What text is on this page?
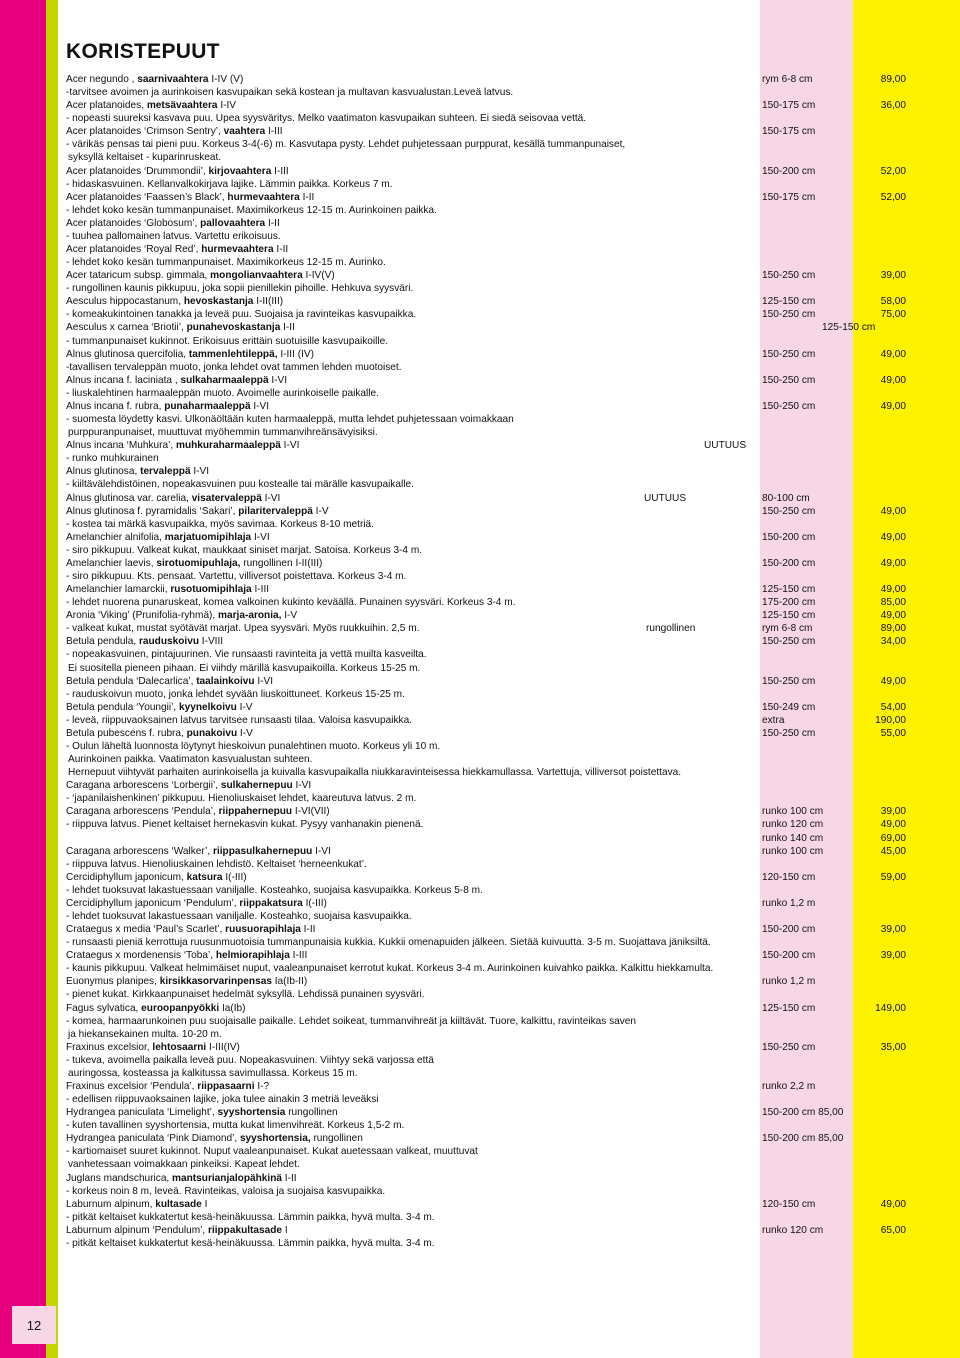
KORISTEPUUT
Acer negundo , saarnivaahtera I-IV (V)	rym 6-8 cm	89,00
-tarvitsee avoimen ja aurinkoisen kasvupaikan sekä kostean ja multavan kasvualustan.Leveä latvus.
Acer platanoides, metsävaahtera I-IV	150-175 cm	36,00
- nopeasti suureksi kasvava puu. Upea syysväritys. Melko vaatimaton kasvupaikan suhteen. Ei siedä seisovaa vettä.
Acer platanoides ‘Crimson Sentry’, vaahtera I-III	150-175 cm
- värikäs pensas tai pieni puu. Korkeus 3-4(-6) m. Kasvutapa pysty. Lehdet puhjetessaan purppurat, kesällä tummanpunaiset,
syksyllä keltaiset - kuparinruskeat.
Acer platanoides ‘Drummondii’, kirjovaahtera I-III	150-200 cm	52,00
- hidaskasvuinen. Kellanvalkokirjava lajike. Lämmin paikka. Korkeus 7 m.
Acer platanoides ‘Faassen’s Black’, hurmevaahtera I-II	150-175 cm	52,00
- lehdet koko kesän tummanpunaiset. Maximikorkeus 12-15 m. Aurinkoinen paikka.
Acer platanoides ‘Globosum’, pallovaahtera I-II
- tuuhea pallomainen latvus. Vartettu erikoisuus.
Acer platanoides ‘Royal Red’, hurmevaahtera I-II
- lehdet koko kesän tummanpunaiset. Maximikorkeus 12-15 m. Aurinko.
Acer tataricum subsp. gimmala, mongolianvaahtera I-IV(V)	150-250 cm	39,00
- rungollinen kaunis pikkupuu, joka sopii pienillekin pihoille. Hehkuva syysväri.
Aesculus hippocastanum, hevoskastanja I-II(III)	125-150 cm	58,00
- komeakukintoinen tanakka ja leveä puu. Suojaisa ja ravinteikas kasvupaikka.	150-250 cm	75,00
Aesculus x carnea ‘Briotii’, punahevoskastanja I-II	125-150 cm
- tummanpunaiset kukinnot. Erikoisuus erittäin suotuisille kasvupaikoille.
Alnus glutinosa quercifolia, tammenlehtileppä, I-III (IV)	150-250 cm	49,00
-tavallisen tervaleppän muoto, jonka lehdet ovat tammen lehden muotoiset.
Alnus incana f. laciniata , sulkaharmaaleppä I-VI	150-250 cm	49,00
- liuskalehtinen harmaaleppän muoto. Avoimelle aurinkoiselle paikalle.
Alnus incana f. rubra, punaharmaaleppä I-VI	150-250 cm	49,00
- suomesta löydetty kasvi. Ulkonäöltään kuten harmaaleppä, mutta lehdet puhjetessaan voimakkaan
purppuranpunaiset, muuttuvat myöhemmin tummanvihreänsävyisiksi.
Alnus incana ‘Muhkura’, muhkuraharmaaleppä I-VI	UUTUUS
- runko muhkurainen
Alnus glutinosa, tervaleppä I-VI
- kiiltävälehdistöinen, nopeakasvuinen puu kostealle tai märälle kasvupaikalle.
Alnus glutinosa var. carelia, visatervaleppä I-VI	UUTUUS	80-100 cm
Alnus glutinosa f. pyramidalis ‘Sakari’, pilaritervaleppä I-V	150-250 cm	49,00
- kostea tai märkä kasvupaikka, myös savimaa. Korkeus 8-10 metriä.
Amelanchier alnifolia, marjatuomipihlaja I-VI	150-200 cm	49,00
- siro pikkupuu. Valkeat kukat, maukkaat siniset marjat. Satoisa. Korkeus 3-4 m.
Amelanchier laevis, sirotuomipuhlaja, rungollinen I-II(III)	150-200 cm	49,00
- siro pikkupuu. Kts. pensaat. Vartettu, villiversot poistettava. Korkeus 3-4 m.
Amelanchier lamarckii, rusotuomipihlaja I-III	125-150 cm	49,00
- lehdet nuorena punaruskeat, komea valkoinen kukinto keväällä. Punainen syysväri. Korkeus 3-4 m.	175-200 cm	85,00
Aronia ‘Viking’ (Prunifolia-ryhmä), marja-aronia, I-V	125-150 cm	49,00
- valkeat kukat, mustat syötävät marjat. Upea syysväri. Myös ruukkuihin. 2,5 m.	rungollinen	rym 6-8 cm	89,00
Betula pendula, rauduskoivu I-VIII	150-250 cm	34,00
- nopeakasvuinen, pintajuurinen. Vie runsaasti ravinteita ja vettä muilta kasveilta.
Ei suositella pieneen pihaan. Ei viihdy märillä kasvupaikoilla. Korkeus 15-25 m.
Betula pendula ‘Dalecarlica’, taalainkoivu I-VI	150-250 cm	49,00
- rauduskoivun muoto, jonka lehdet syvään liuskoittuneet. Korkeus 15-25 m.
Betula pendula ‘Youngii’, kyynelkoivu I-V	150-249 cm	54,00
- leveä, riippuvaoksainen latvus tarvitsee runsaasti tilaa. Valoisa kasvupaikka.	extra	190,00
Betula pubescens f. rubra, punakoivu I-V	150-250 cm	55,00
- Oulun läheltä luonnosta löytynyt hieskoivun punalehtinen muoto. Korkeus yli 10 m.
Aurinkoinen paikka. Vaatimaton kasvualustan suhteen.
Hernepuut viihtyvät parhaiten aurinkoisella ja kuivalla kasvupaikalla niukkaravinteisessa hiekkamullassa. Vartettuja, villiversot poistettava.
Caragana arborescens ‘Lorbergii’, sulkahernepuu I-VI
- ‘japanilaishenkinen’ pikkupuu. Hienoliuskaiset lehdet, kaareutuva latvus. 2 m.
Caragana arborescens ‘Pendula’, riippahernepuu I-VI(VII)	runko 100 cm	39,00
- riippuva latvus. Pienet keltaiset hernekasvin kukat. Pysyy vanhanakin pienenä.	runko 120 cm	49,00
runko 140 cm	69,00
Caragana arborescens ‘Walker’, riippasulkahernepuu I-VI	runko 100 cm	45,00
- riippuva latvus. Hienoliuskainen lehdistö. Keltaiset ‘herneenkukat’.
Cercidiphyllum japonicum, katsura I(-III)	120-150 cm	59,00
- lehdet tuoksuvat lakastuessaan vaniljalle. Kosteahko, suojaisa kasvupaikka. Korkeus 5-8 m.
Cercidiphyllum japonicum ‘Pendulum’, riippakatsura I(-III)	runko 1,2 m
- lehdet tuoksuvat lakastuessaan vaniljalle. Kosteahko, suojaisa kasvupaikka.
Crataegus x media ‘Paul’s Scarlet’, ruusuorapihlaja I-II	150-200 cm	39,00
- runsaasti pieniä kerrottuja ruusunmuotoisia tummanpunaisia kukkia. Kukkii omenapuiden jälkeen. Sietää kuivuutta. 3-5 m. Suojattava jäniksiltä.
Crataegus x mordenensis ‘Toba’, helmiorapihlaja I-III	150-200 cm	39,00
- kaunis pikkupuu. Valkeat helmimäiset nuput, vaaleanpunaiset kerrotut kukat. Korkeus 3-4 m. Aurinkoinen kuivahko paikka. Kalkittu hiekkamulta.
Euonymus planipes, kirsikkasorvarinpensas Ia(Ib-II)	runko 1,2 m
- pienet kukat. Kirkkaanpunaiset hedelmät syksyllä. Lehdissä punainen syysväri.
Fagus sylvatica, euroopanpyökki Ia(Ib)	125-150 cm	149,00
- komea, harmaarunkoinen puu suojaisalle paikalle. Lehdet soikeat, tummanvihreät ja kiiltävät. Tuore, kalkittu, ravinteikas saven
ja hiekansekainen multa. 10-20 m.
Fraxinus excelsior, lehtosaarni I-III(IV)	150-250 cm	35,00
- tukeva, avoimella paikalla leveä puu. Nopeakasvuinen. Viihtyy sekä varjossa että
auringossa, kosteassa ja kalkitussa savimullassa. Korkeus 15 m.
Fraxinus excelsior ‘Pendula’, riippasaarni I-?	runko 2,2 m
- edellisen riippuvaoksainen lajike, joka tulee ainakin 3 metriä leveäksi
Hydrangea paniculata ‘Limelight’, syyshortensia rungollinen	150-200 cm 85,00
- kuten tavallinen syyshortensia, mutta kukat limenvihreät. Korkeus 1,5-2 m.
Hydrangea paniculata ‘Pink Diamond’, syyshortensia, rungollinen	150-200 cm 85,00
- kartiomaiset suuret kukinnot. Nuput vaaleanpunaiset. Kukat auetessaan valkeat, muuttuvat
vanhetessaan voimakkaan pinkeiksi. Kapeat lehdet.
Juglans mandschurica, mantsurianjalopähkinä I-II
- korkeus noin 8 m, leveä. Ravinteikas, valoisa ja suojaisa kasvupaikka.
Laburnum alpinum, kultasade I	120-150 cm	49,00
- pitkät keltaiset kukkatertut kesä-heinäkuussa. Lämmin paikka, hyvä multa. 3-4 m.
Laburnum alpinum ‘Pendulum’, riippakultasade I	runko 120 cm	65,00
- pitkät keltaiset kukkatertut kesä-heinäkuussa. Lämmin paikka, hyvä multa. 3-4 m.
12
